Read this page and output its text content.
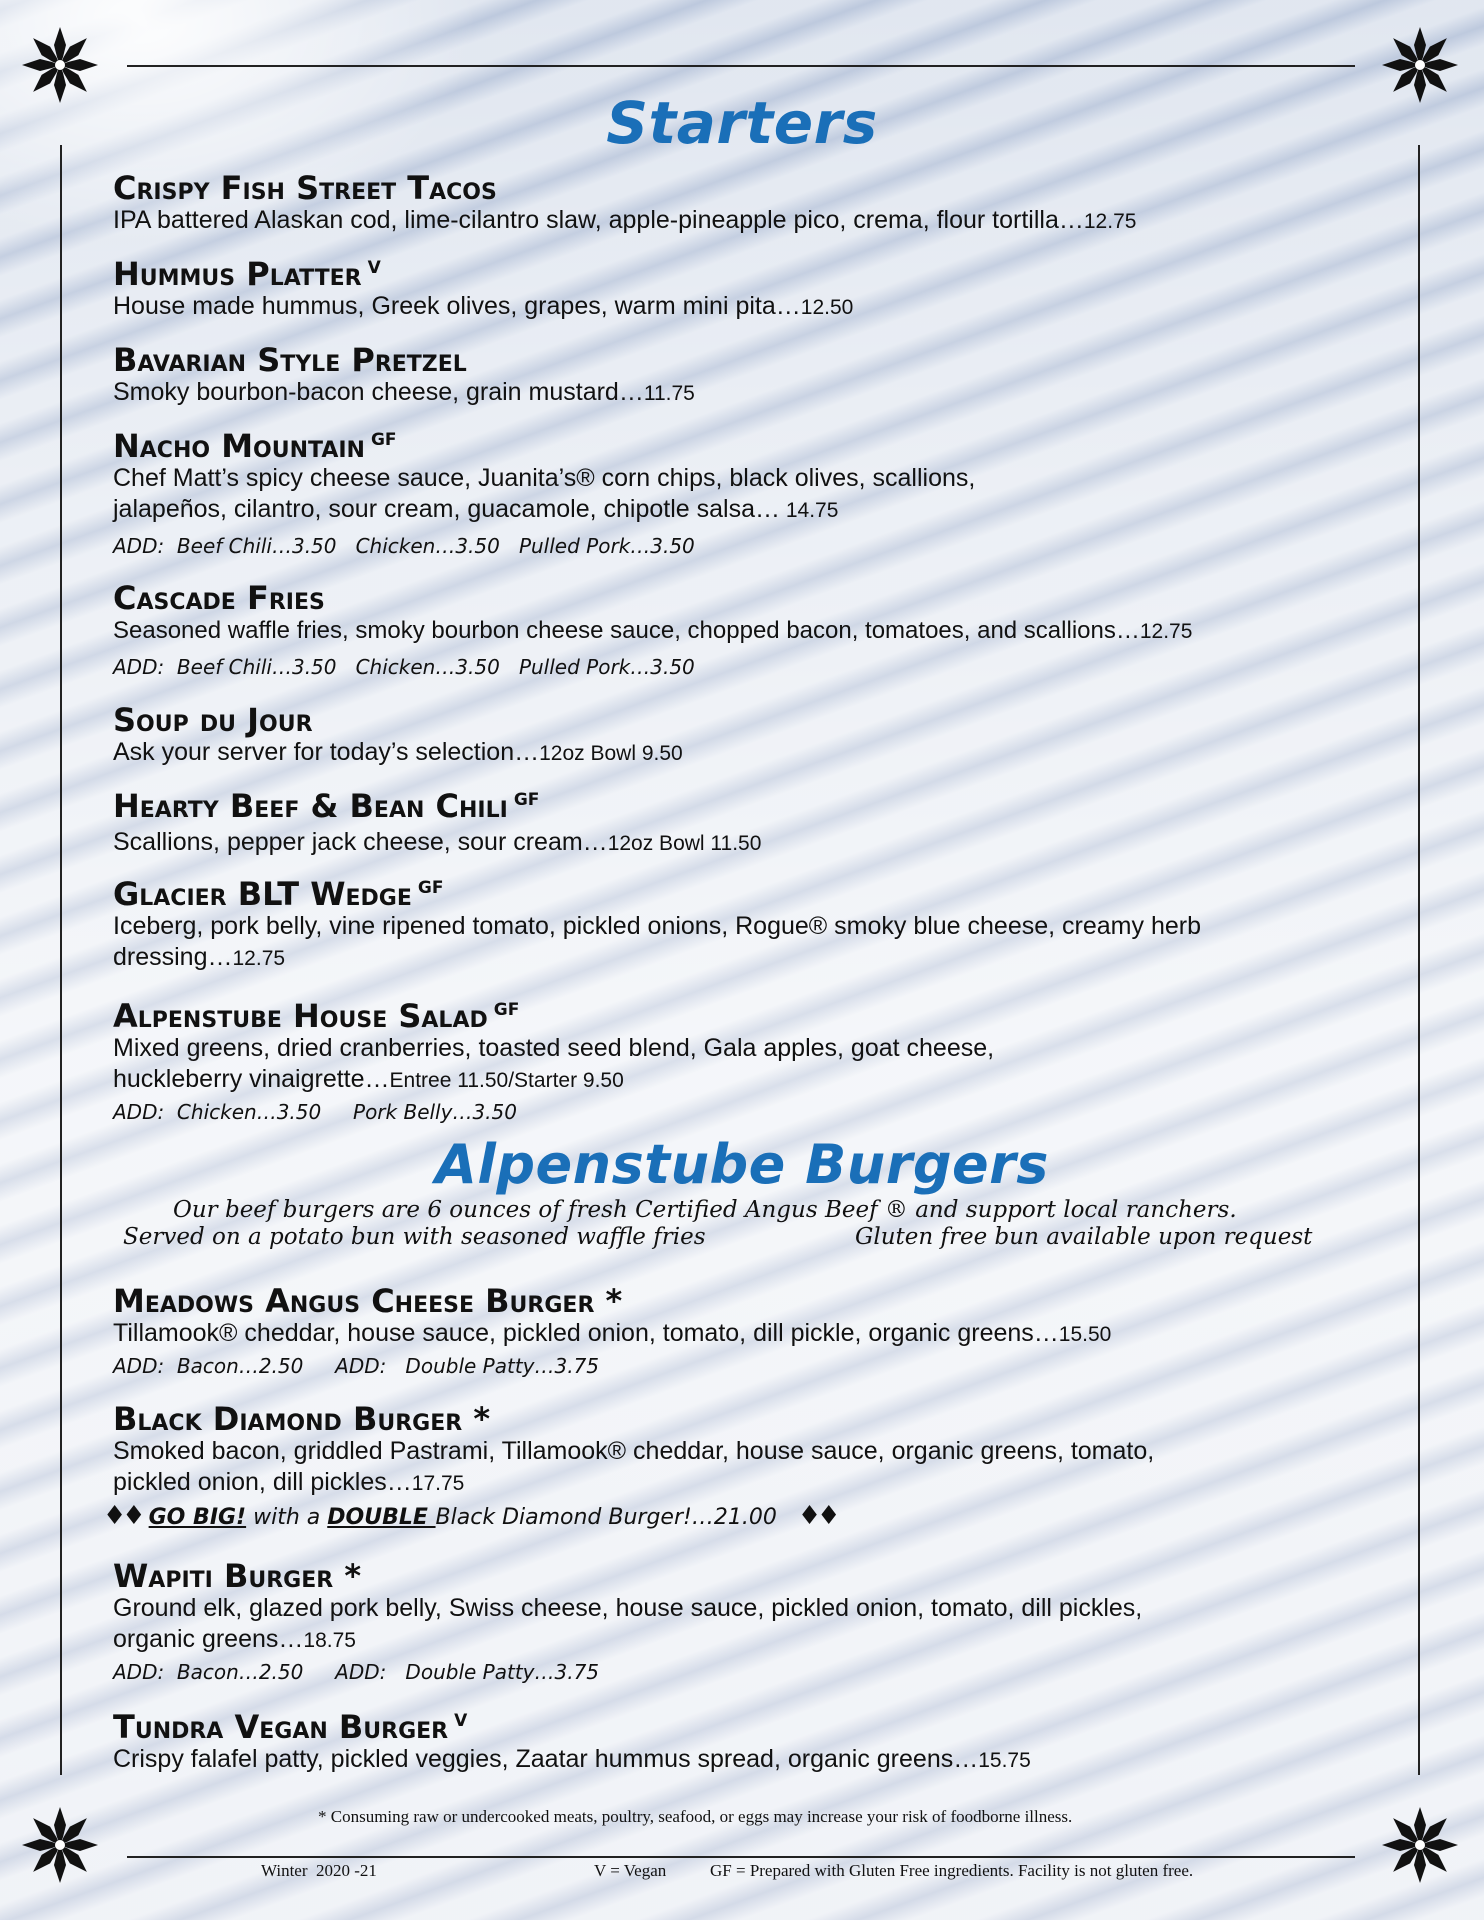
Starters
Crispy Fish Street Tacos
IPA battered Alaskan cod, lime-cilantro slaw, apple-pineapple pico, crema, flour tortilla…12.75
Hummus Platter $^V$
House made hummus, Greek olives, grapes, warm mini pita…12.50
Bavarian Style Pretzel
Smoky bourbon-bacon cheese, grain mustard…11.75
Nacho Mountain $^{GF}$
Chef Matt’s spicy cheese sauce, Juanita’s® corn chips, black olives, scallions, jalapeños, cilantro, sour cream, guacamole, chipotle salsa… 14.75
ADD:  Beef Chili…3.50   Chicken…3.50   Pulled Pork…3.50
Cascade Fries
Seasoned waffle fries, smoky bourbon cheese sauce, chopped bacon, tomatoes, and scallions…12.75
ADD:  Beef Chili…3.50   Chicken…3.50   Pulled Pork…3.50
Soup du Jour
Ask your server for today’s selection…12oz Bowl 9.50
Hearty Beef & Bean Chili $^{GF}$
Scallions, pepper jack cheese, sour cream…12oz Bowl 11.50
Glacier BLT Wedge $^{GF}$
Iceberg, pork belly, vine ripened tomato, pickled onions, Rogue® smoky blue cheese, creamy herb dressing…12.75
Alpenstube House Salad $^{GF}$
Mixed greens, dried cranberries, toasted seed blend, Gala apples, goat cheese, huckleberry vinaigrette…Entree 11.50/Starter 9.50
ADD:  Chicken…3.50     Pork Belly…3.50
Alpenstube Burgers
Our beef burgers are 6 ounces of fresh Certified Angus Beef ® and support local ranchers.
Served on a potato bun with seasoned waffle fries	Gluten free bun available upon request
Meadows Angus Cheese Burger *
Tillamook® cheddar, house sauce, pickled onion, tomato, dill pickle, organic greens…15.50
ADD:  Bacon…2.50     ADD:   Double Patty…3.75
Black Diamond Burger *
Smoked bacon, griddled Pastrami, Tillamook® cheddar, house sauce, organic greens, tomato, pickled onion, dill pickles…17.75
Wapiti Burger *
Ground elk, glazed pork belly, Swiss cheese, house sauce, pickled onion, tomato, dill pickles, organic greens…18.75
ADD:  Bacon…2.50     ADD:   Double Patty…3.75
Tundra Vegan Burger $^V$
Crispy falafel patty, pickled veggies, Zaatar hummus spread, organic greens…15.75
♦♦ GO BIG! with a DOUBLE Black Diamond Burger!…21.00 ♦♦
* Consuming raw or undercooked meats, poultry, seafood, or eggs may increase your risk of foodborne illness.
Winter  2020 -21	V = Vegan	GF = Prepared with Gluten Free ingredients. Facility is not gluten free.
